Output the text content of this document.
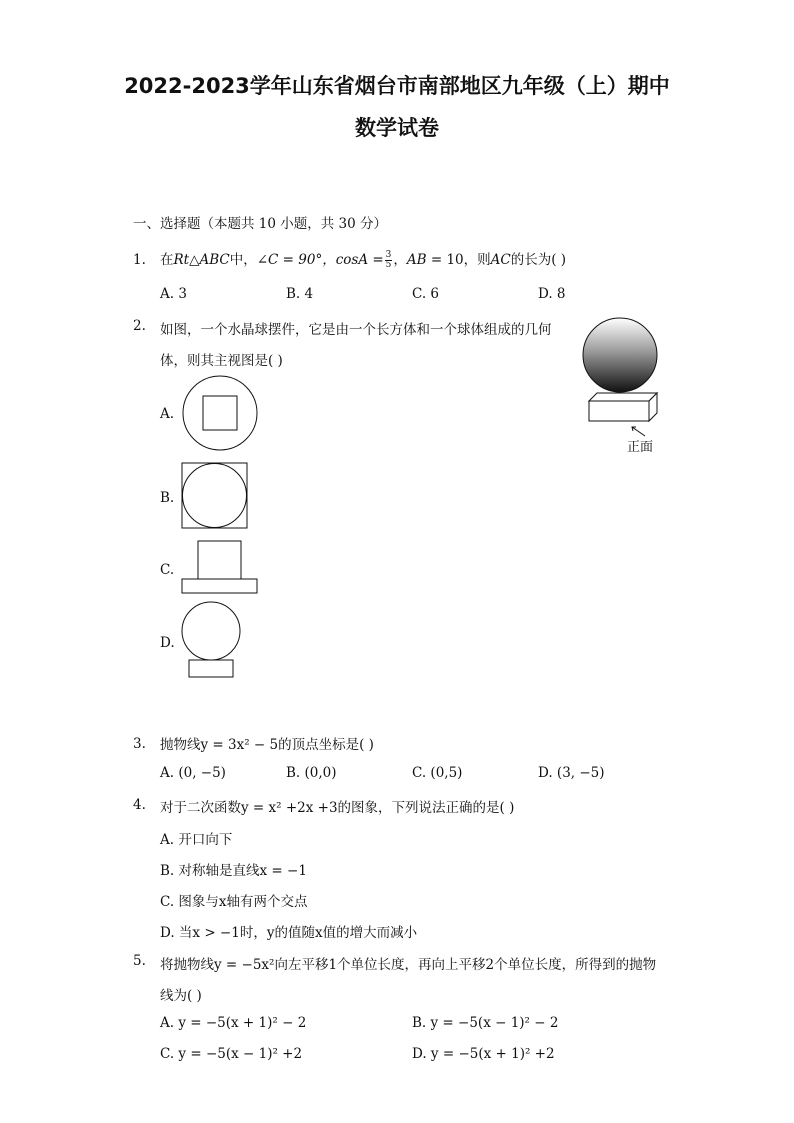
2022-2023学年山东省烟台市南部地区九年级（上）期中
数学试卷
一、选择题（本题共 10 小题，共 30 分）
1. 在Rt△ABC中，∠C = 90°，$\cos A = \frac{3}{5}$ ，AB = 10，则AC的长为( )
A. 3	B. 4	C. 6	D. 8
2. 如图，一个水晶球摆件，它是由一个长方体和一个球体组成的几何
体，则其主视图是( )
正面
A.
B.
C.
D.
3. 抛物线y = 3x² − 5的顶点坐标是( )
A. (0, −5)	B. (0,0)	C. (0,5)	D. (3, −5)
4. 对于二次函数y = x² +2x +3的图象，下列说法正确的是( )
A. 开口向下
B. 对称轴是直线x = −1
C. 图象与x轴有两个交点
D. 当x > −1时，y的值随x值的增大而减小
5. 将抛物线y = −5x²向左平移1个单位长度，再向上平移2个单位长度，所得到的抛物
线为( )
A. y = −5(x + 1)² − 2	B. y = −5(x − 1)² − 2
C. y = −5(x − 1)² +2	D. y = −5(x + 1)² +2
